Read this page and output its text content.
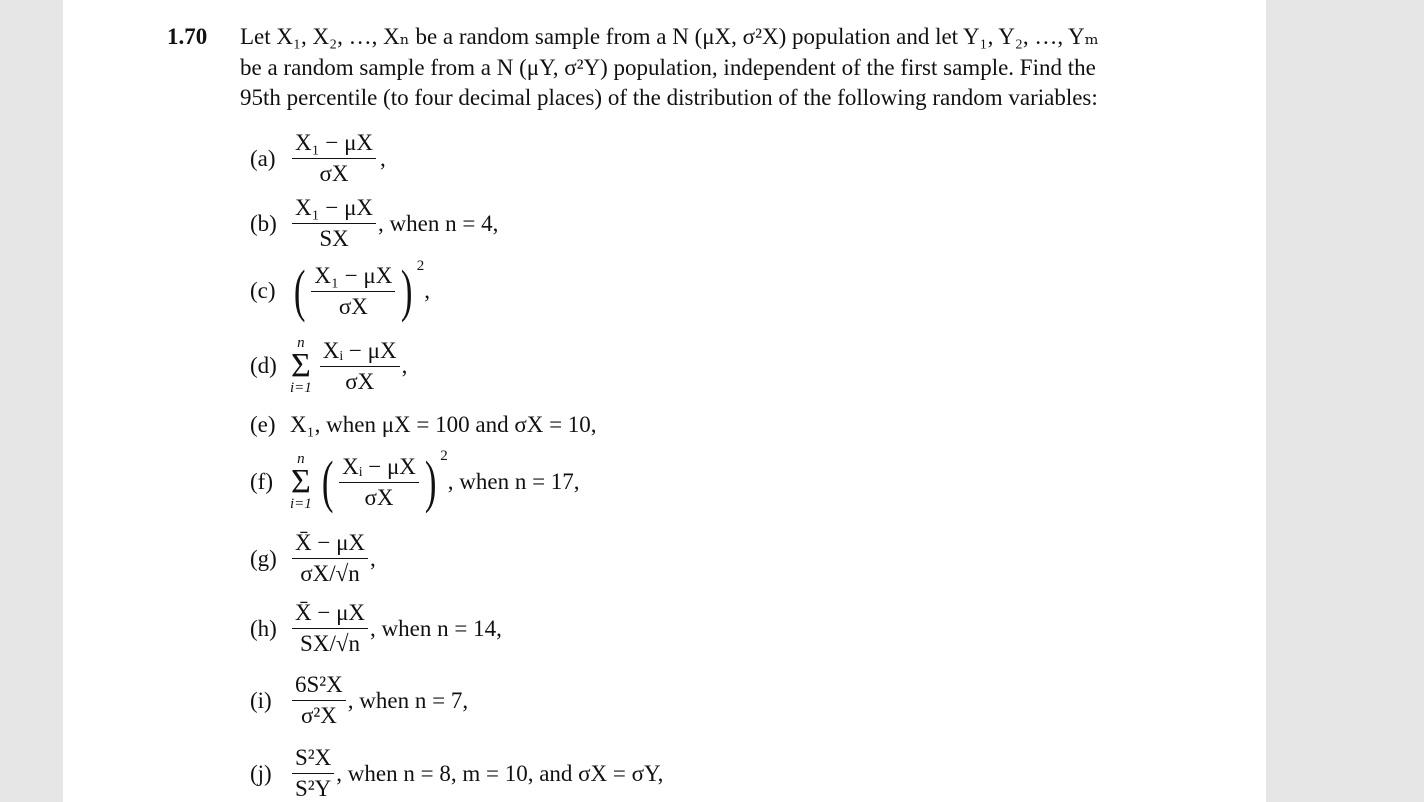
1.70 Let X₁, X₂, …, Xₙ be a random sample from a N (μX, σ²X) population and let Y₁, Y₂, …, Yₘ
be a random sample from a N (μY, σ²Y) population, independent of the first sample. Find the
95th percentile (to four decimal places) of the distribution of the following random variables:
$(a) \frac{\text{X₁ − μX}}{\sigma X}$ ,
$(b) \frac{\text{X₁ − μX}}{SX}$ , when n = 4,
(c) ( $\frac{\text{X₁ − μX}}{\sigma X}$ ) 2
,
(d)
n
Σ
$i=1 \frac{\text{Xᵢ − μX}}{\sigma X}$ ,
(e) X₁, when μX = 100 and σX = 10,
(f)
n
Σ
i=1 ( $\frac{\text{Xᵢ − μX}}{\sigma X}$ ) 2
, when n = 17,
$(g) \frac{X̄ - \mu X}{\sigma X/√n}$ ,
$(h) \frac{X̄ - \mu X}{SX/√n}$ , when n = 14,
$(i) \frac{\text{6S²X}}{\text{σ²X}}$ , when n = 7,
$(j) \frac{\text{S²X}}{\text{S²Y}}$ , when n = 8, m = 10, and σX = σY,
